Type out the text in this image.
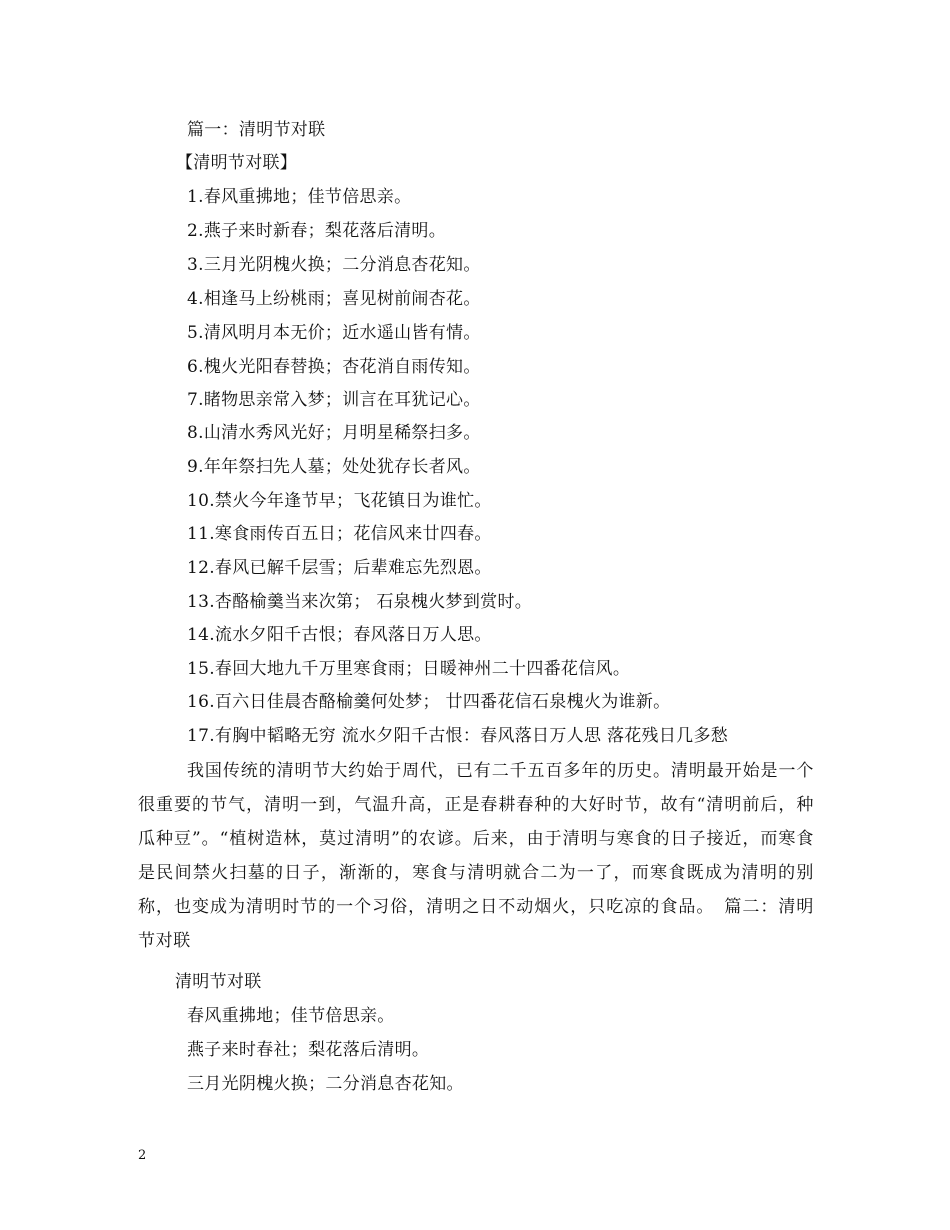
篇一：清明节对联
【清明节对联】
1.春风重拂地；佳节倍思亲。
2.燕子来时新春；梨花落后清明。
3.三月光阴槐火换；二分消息杏花知。
4.相逢马上纷桃雨；喜见树前闹杏花。
5.清风明月本无价；近水遥山皆有情。
6.槐火光阳春替换；杏花消自雨传知。
7.睹物思亲常入梦；训言在耳犹记心。
8.山清水秀风光好；月明星稀祭扫多。
9.年年祭扫先人墓；处处犹存长者风。
10.禁火今年逢节早；飞花镇日为谁忙。
11.寒食雨传百五日；花信风来廿四春。
12.春风已解千层雪；后辈难忘先烈恩。
13.杏酪榆羹当来次第； 石泉槐火梦到赏时。
14.流水夕阳千古恨；春风落日万人思。
15.春回大地九千万里寒食雨；日暖神州二十四番花信风。
16.百六日佳晨杏酪榆羹何处梦； 廿四番花信石泉槐火为谁新。
17.有胸中韬略无穷 流水夕阳千古恨：春风落日万人思 落花残日几多愁
我国传统的清明节大约始于周代，已有二千五百多年的历史。清明最开始是一个很重要的节气，清明一到，气温升高，正是春耕春种的大好时节，故有“清明前后，种瓜种豆”。“植树造林，莫过清明”的农谚。后来，由于清明与寒食的日子接近，而寒食是民间禁火扫墓的日子，渐渐的，寒食与清明就合二为一了，而寒食既成为清明的别称，也变成为清明时节的一个习俗，清明之日不动烟火，只吃凉的食品。 篇二：清明节对联
清明节对联
春风重拂地；佳节倍思亲。
燕子来时春社；梨花落后清明。
三月光阴槐火换；二分消息杏花知。
2
